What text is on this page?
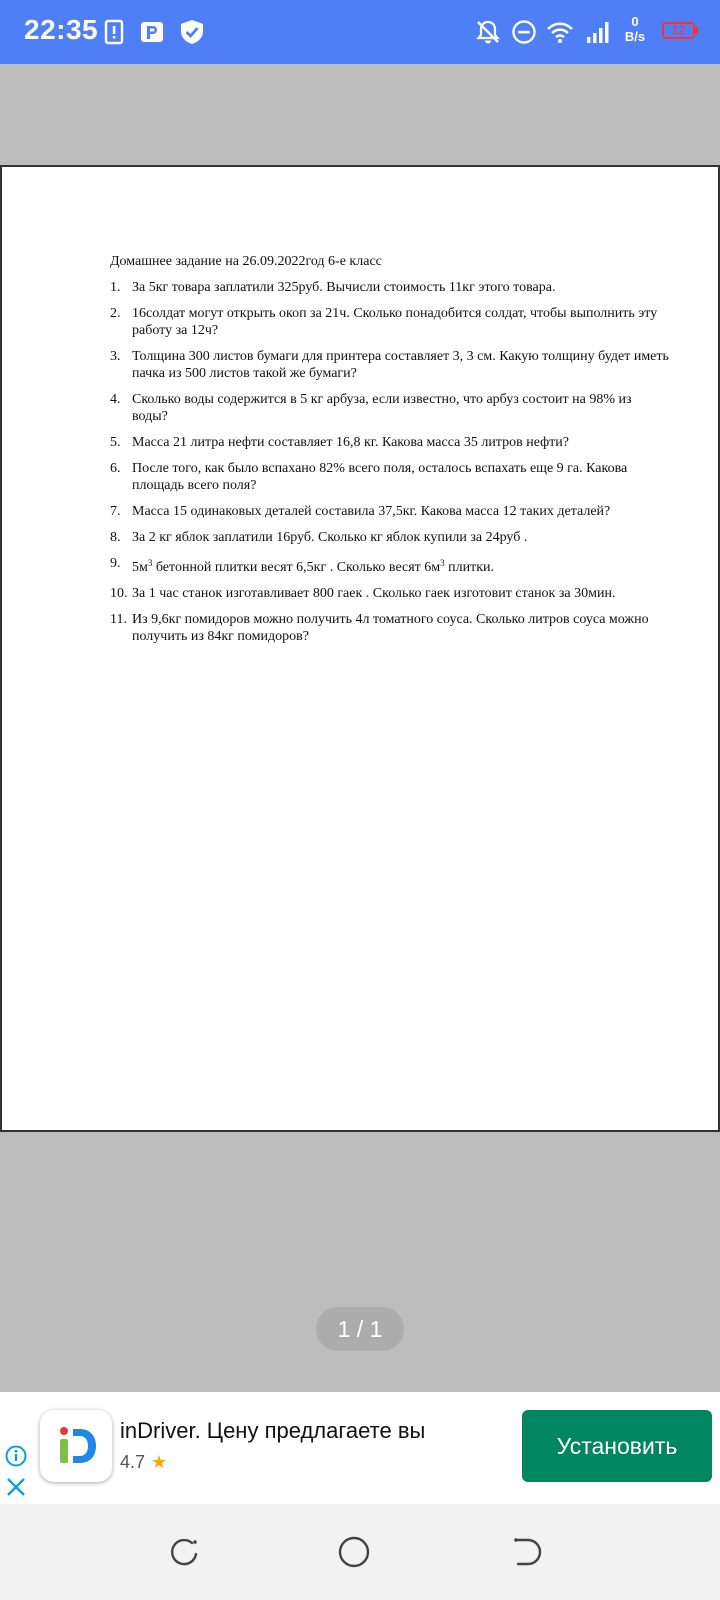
22:35	0
B/s	12
Домашнее задание на 26.09.2022год 6-е класс
1. За 5кг товара заплатили 325руб. Вычисли стоимость 11кг этого товара.
2. 16солдат могут открыть окоп за 21ч. Сколько понадобится солдат, чтобы выполнить эту работу за 12ч?
3. Толщина 300 листов бумаги для принтера составляет 3, 3 см. Какую толщину будет иметь пачка из 500 листов такой же бумаги?
4. Сколько воды содержится в 5 кг арбуза, если известно, что арбуз состоит на 98% из воды?
5. Масса 21 литра нефти составляет 16,8 кг. Какова масса 35 литров нефти?
6. После того, как было вспахано 82% всего поля, осталось вспахать еще 9 га. Какова площадь всего поля?
7. Масса 15 одинаковых деталей составила 37,5кг. Какова масса 12 таких деталей?
8. За 2 кг яблок заплатили 16руб. Сколько кг яблок купили за 24руб .
9. $5м^3$ бетонной плитки весят 6,5кг . Сколько весят $6м^3$ плитки.
10. За 1 час станок изготавливает 800 гаек . Сколько гаек изготовит станок за 30мин.
11. Из 9,6кг помидоров можно получить 4л томатного соуса. Сколько литров соуса можно получить из 84кг помидоров?
1 / 1
inDriver. Цену предлагаете вы
4.7 ★
Установить
